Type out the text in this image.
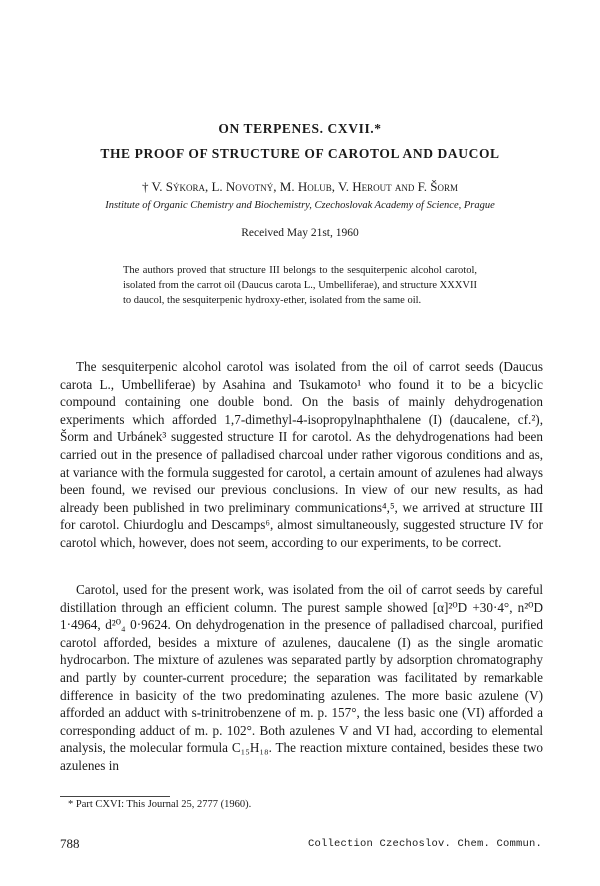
ON TERPENES. CXVII.*
THE PROOF OF STRUCTURE OF CAROTOL AND DAUCOL

† V. Sýkora, L. Novotný, M. Holub, V. Herout and F. Šorm

Institute of Organic Chemistry and Biochemistry, Czechoslovak Academy of Science, Prague

Received May 21st, 1960

The authors proved that structure III belongs to the sesquiterpenic alcohol carotol, isolated from the carrot oil (Daucus carota L., Umbelliferae), and structure XXXVII to daucol, the sesquiterpenic hydroxy-ether, isolated from the same oil.

The sesquiterpenic alcohol carotol was isolated from the oil of carrot seeds (Daucus carota L., Umbelliferae) by Asahina and Tsukamoto¹ who found it to be a bicyclic compound containing one double bond. On the basis of mainly dehydrogenation experiments which afforded 1,7-dimethyl-4-isopropylnaphthalene (I) (daucalene, cf.²), Šorm and Urbánek³ suggested structure II for carotol. As the dehydrogenations had been carried out in the presence of palladised charcoal under rather vigorous conditions and as, at variance with the formula suggested for carotol, a certain amount of azulenes had always been found, we revised our previous conclusions. In view of our new results, as had already been published in two preliminary communications⁴,⁵, we arrived at structure III for carotol. Chiurdoglu and Descamps⁶, almost simultaneously, suggested structure IV for carotol which, however, does not seem, according to our experiments, to be correct.

Carotol, used for the present work, was isolated from the oil of carrot seeds by careful distillation through an efficient column. The purest sample showed [α]²⁰D +30·4°, n²⁰D 1·4964, d²⁰₄ 0·9624. On dehydrogenation in the presence of palladised charcoal, purified carotol afforded, besides a mixture of azulenes, daucalene (I) as the single aromatic hydrocarbon. The mixture of azulenes was separated partly by adsorption chromatography and partly by counter-current procedure; the separation was facilitated by remarkable difference in basicity of the two predominating azulenes. The more basic azulene (V) afforded an adduct with s-trinitrobenzene of m. p. 157°, the less basic one (VI) afforded a corresponding adduct of m. p. 102°. Both azulenes V and VI had, according to elemental analysis, the molecular formula C₁₅H₁₈. The reaction mixture contained, besides these two azulenes in

* Part CXVI: This Journal 25, 2777 (1960).

788	Collection Czechoslov. Chem. Commun.
